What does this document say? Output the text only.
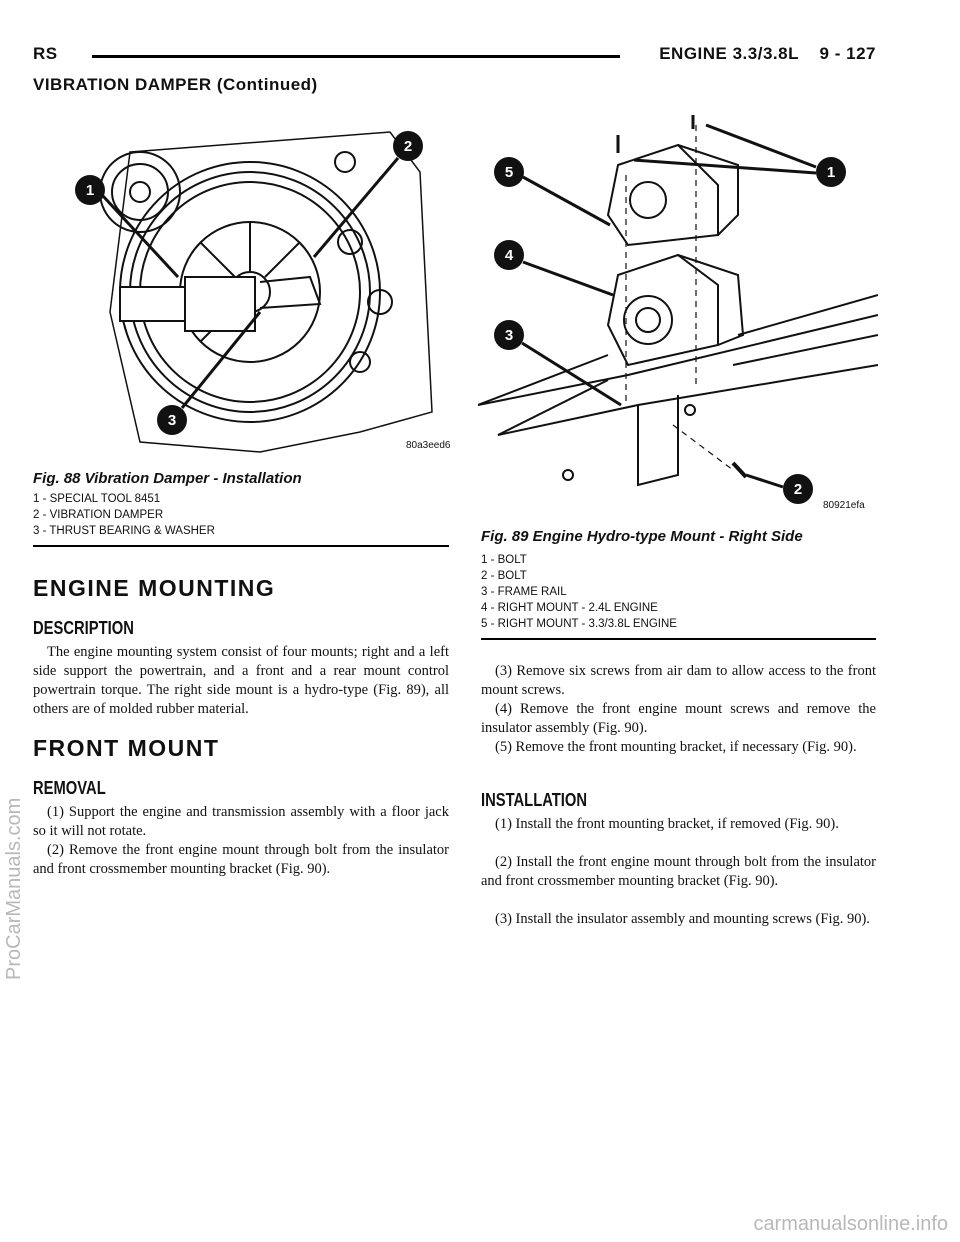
RS	ENGINE 3.3/3.8L    9 - 127
VIBRATION DAMPER (Continued)
1
2
3
80a3eed6
Fig. 88 Vibration Damper - Installation
1 - SPECIAL TOOL 8451
2 - VIBRATION DAMPER
3 - THRUST BEARING & WASHER
1
2
3
4
5
80921efa
Fig. 89 Engine Hydro-type Mount - Right Side
1 - BOLT
2 - BOLT
3 - FRAME RAIL
4 - RIGHT MOUNT - 2.4L ENGINE
5 - RIGHT MOUNT - 3.3/3.8L ENGINE
ENGINE MOUNTING
DESCRIPTION
The engine mounting system consist of four mounts; right and a left side support the powertrain, and a front and a rear mount control powertrain torque. The right side mount is a hydro-type (Fig. 89), all others are of molded rubber material.
FRONT MOUNT
REMOVAL
(1) Support the engine and transmission assembly with a floor jack so it will not rotate.
(2) Remove the front engine mount through bolt from the insulator and front crossmember mounting bracket (Fig. 90).
(3) Remove six screws from air dam to allow access to the front mount screws.
(4) Remove the front engine mount screws and remove the insulator assembly (Fig. 90).
(5) Remove the front mounting bracket, if necessary (Fig. 90).
INSTALLATION
(1) Install the front mounting bracket, if removed (Fig. 90).
(2) Install the front engine mount through bolt from the insulator and front crossmember mounting bracket (Fig. 90).
(3) Install the insulator assembly and mounting screws (Fig. 90).
ProCarManuals.com
carmanualsonline.info
